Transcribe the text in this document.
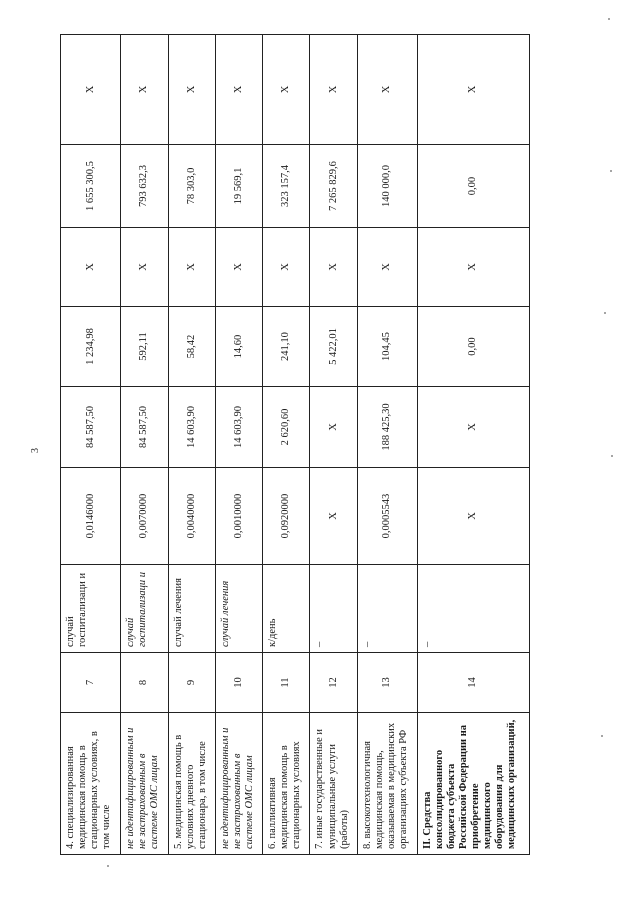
3
4. специализированная медицинская помощь в стационарных условиях, в том числе	7	случай госпитализаци и	0,0146000	84 587,50	1 234,98	X	1 655 300,5	X
не идентифицированным и не застрахованным в системе ОМС лицам	8	случай госпитализаци и	0,0070000	84 587,50	592,11	X	793 632,3	X
5. медицинская помощь в условиях дневного стационара, в том числе	9	случай лечения	0,0040000	14 603,90	58,42	X	78 303,0	X
не идентифицированным и не застрахованным в системе ОМС лицам	10	случай лечения	0,0010000	14 603,90	14,60	X	19 569,1	X
6. паллиативная медицинская помощь в стационарных условиях	11	к/день	0,0920000	2 620,60	241,10	X	323 157,4	X
7. иные государственные и муниципальные услуги (работы)	12	–	X	X	5 422,01	X	7 265 829,6	X
8. высокотехнологичная медицинская помощь, оказываемая в медицинских организациях субъекта РФ	13	–	0,0005543	188 425,30	104,45	X	140 000,0	X
II. Средства консолидированного бюджета субъекта Российской Федерации на приобретение медицинского оборудования для медицинских организаций,	14	–	X	X	0,00	X	0,00	X
